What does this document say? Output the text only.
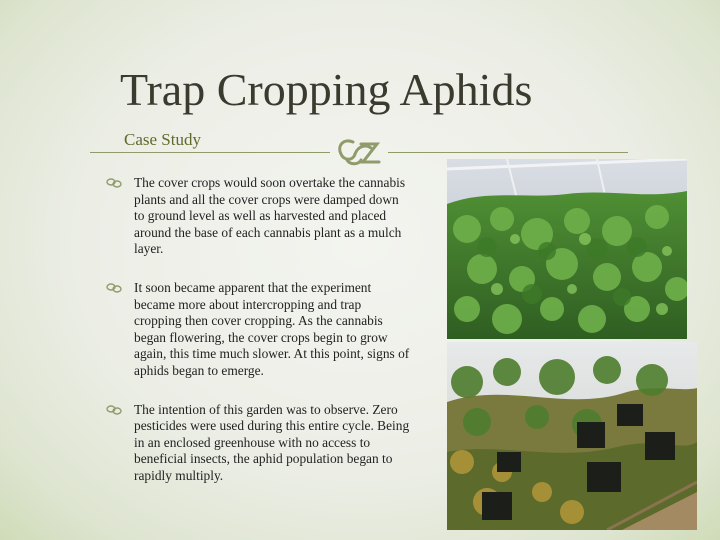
Trap Cropping Aphids
Case Study
The cover crops would soon overtake the cannabis plants and all the cover crops were damped down to ground level as well as harvested and placed around the base of each cannabis plant as a mulch layer.
It soon became apparent that the experiment became more about intercropping and trap cropping then cover cropping. As the cannabis began flowering, the cover crops begin to grow again, this time much slower. At this point, signs of aphids began to emerge.
The intention of this garden was to observe. Zero pesticides were used during this entire cycle. Being in an enclosed greenhouse with no access to beneficial insects, the aphid population began to rapidly multiply.
